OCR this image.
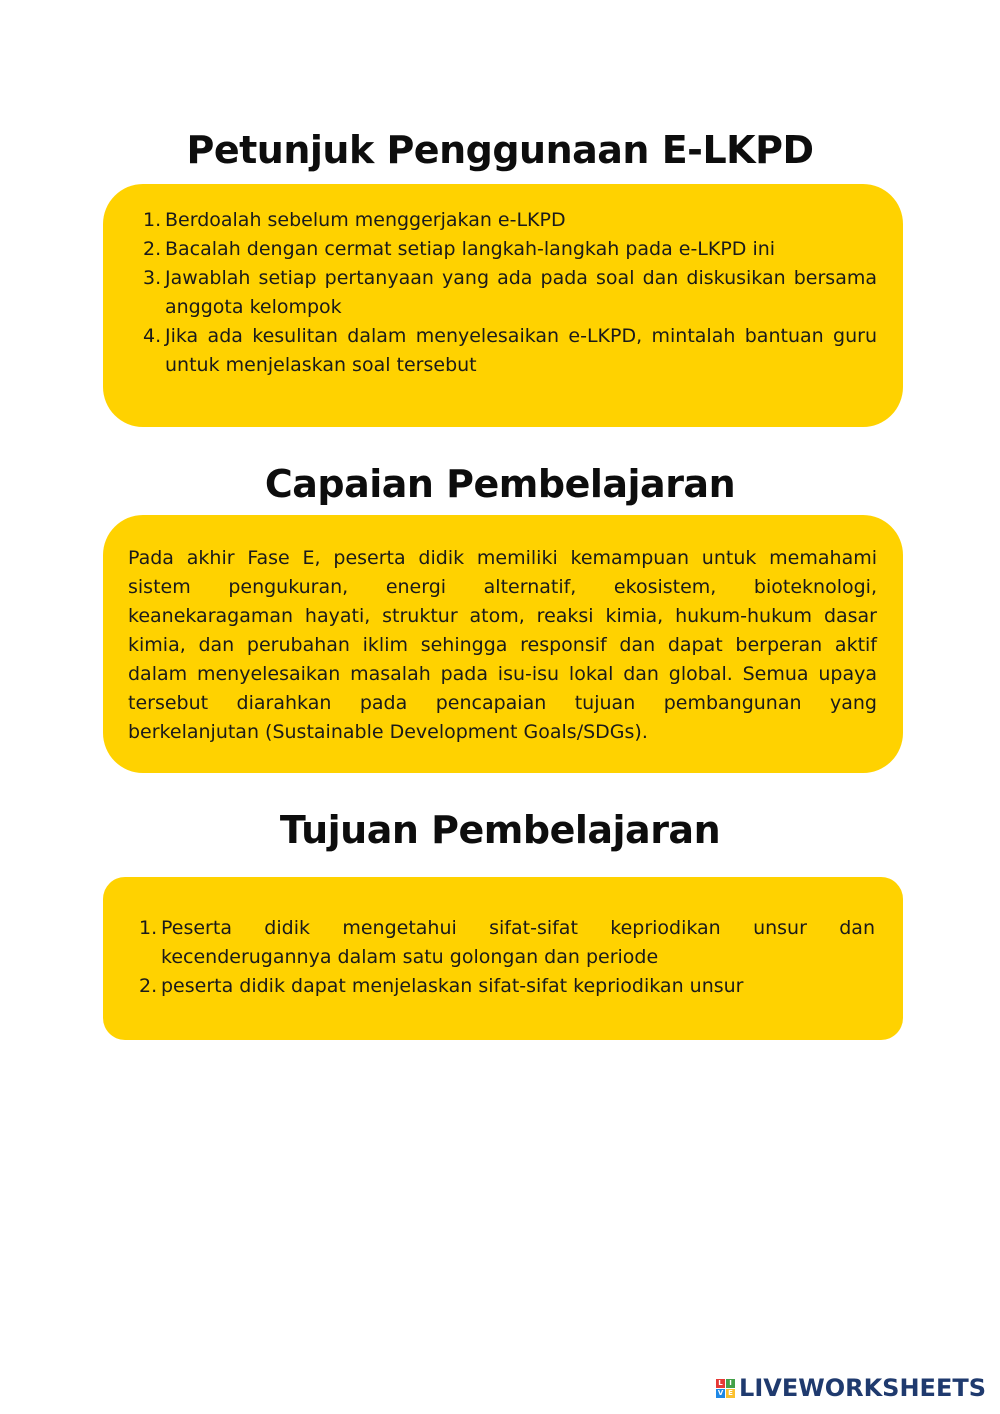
Petunjuk Penggunaan E-LKPD
1. Berdoalah sebelum menggerjakan e-LKPD
2. Bacalah dengan cermat setiap langkah-langkah pada e-LKPD ini
3. Jawablah setiap pertanyaan yang ada pada soal dan diskusikan bersama anggota kelompok
4. Jika ada kesulitan dalam menyelesaikan e-LKPD, mintalah bantuan guru untuk menjelaskan soal tersebut
Capaian Pembelajaran

Pada akhir Fase E, peserta didik memiliki kemampuan untuk memahami sistem pengukuran, energi alternatif, ekosistem, bioteknologi, keanekaragaman hayati, struktur atom, reaksi kimia, hukum-hukum dasar kimia, dan perubahan iklim sehingga responsif dan dapat berperan aktif dalam menyelesaikan masalah pada isu-isu lokal dan global. Semua upaya tersebut diarahkan pada pencapaian tujuan pembangunan yang berkelanjutan (Sustainable Development Goals/SDGs).

Tujuan Pembelajaran
1. Peserta didik mengetahui sifat-sifat kepriodikan unsur dan kecenderugannya dalam satu golongan dan periode
2. peserta didik dapat menjelaskan sifat-sifat kepriodikan unsur
L I
V E LIVEWORKSHEETS
